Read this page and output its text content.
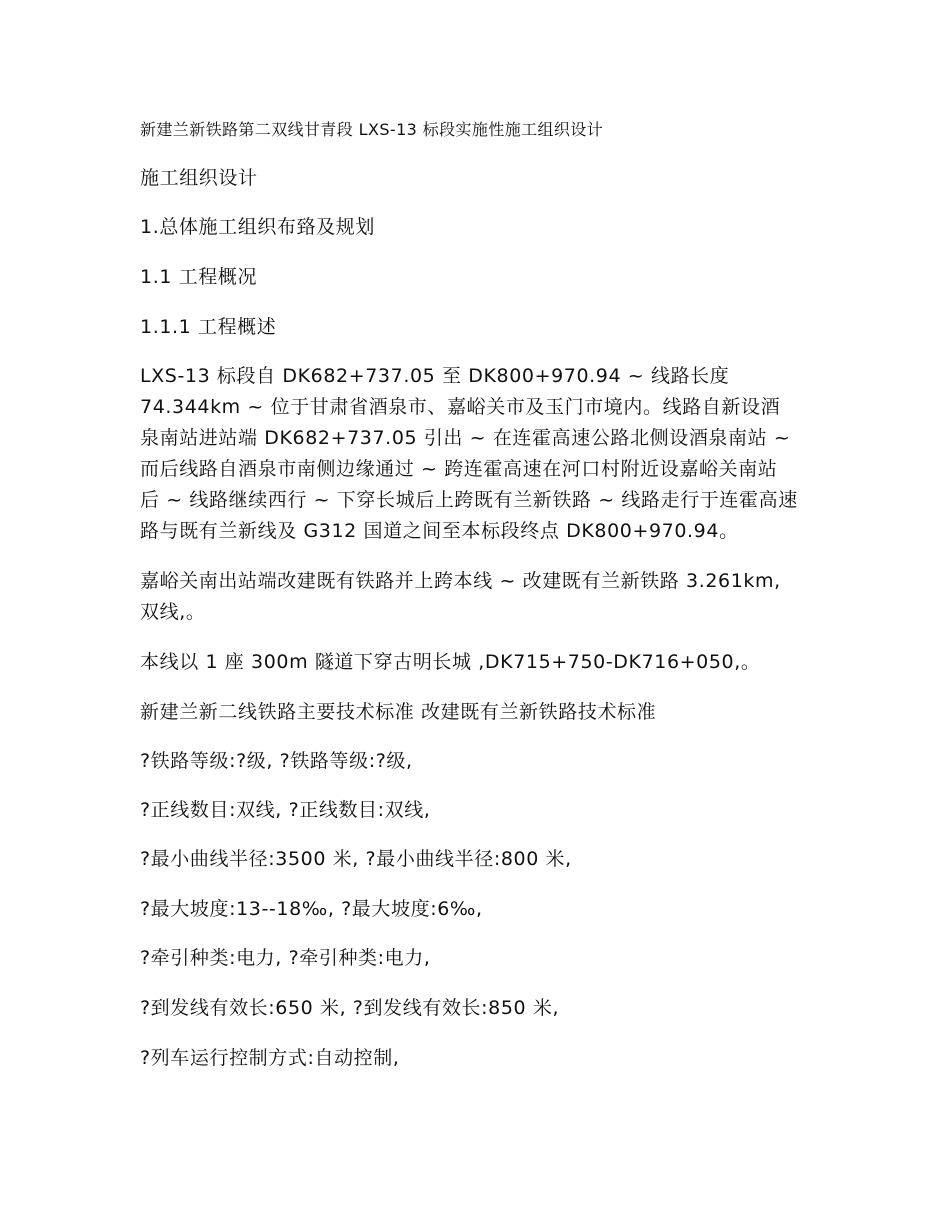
新建兰新铁路第二双线甘青段 LXS-13 标段实施性施工组织设计
施工组织设计
1.总体施工组织布臵及规划
1.1 工程概况
1.1.1 工程概述
LXS-13 标段自 DK682+737.05 至 DK800+970.94 ~ 线路长度
74.344km ~ 位于甘肃省酒泉市、嘉峪关市及玉门市境内。线路自新设酒
泉南站进站端 DK682+737.05 引出 ~ 在连霍高速公路北侧设酒泉南站 ~
而后线路自酒泉市南侧边缘通过 ~ 跨连霍高速在河口村附近设嘉峪关南站
后 ~ 线路继续西行 ~ 下穿长城后上跨既有兰新铁路 ~ 线路走行于连霍高速
路与既有兰新线及 G312 国道之间至本标段终点 DK800+970.94。
嘉峪关南出站端改建既有铁路并上跨本线 ~ 改建既有兰新铁路 3.261km,
双线,。
本线以 1 座 300m 隧道下穿古明长城 ,DK715+750-DK716+050,。
新建兰新二线铁路主要技术标准 改建既有兰新铁路技术标准
?铁路等级:?级, ?铁路等级:?级,
?正线数目:双线, ?正线数目:双线,
?最小曲线半径:3500 米, ?最小曲线半径:800 米,
?最大坡度:13--18‰, ?最大坡度:6‰,
?牵引种类:电力, ?牵引种类:电力,
?到发线有效长:650 米, ?到发线有效长:850 米,
?列车运行控制方式:自动控制,
